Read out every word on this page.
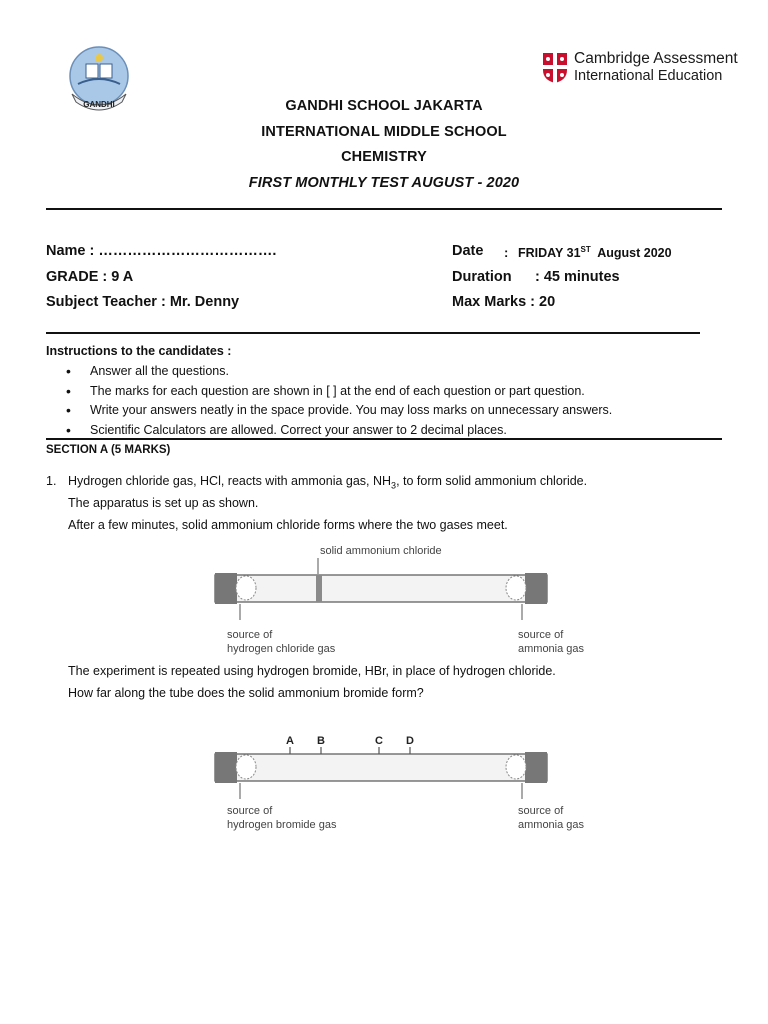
GANDHI
Cambridge Assessment
International Education
GANDHI SCHOOL JAKARTA
INTERNATIONAL MIDDLE SCHOOL
CHEMISTRY
FIRST MONTHLY TEST AUGUST - 2020
Name : ……………………………….
GRADE : 9 A
Subject Teacher : Mr. Denny
Date : FRIDAY 31ST August 2020
Duration : 45 minutes
Max Marks : 20
Instructions to the candidates :
• Answer all the questions.
• The marks for each question are shown in [ ] at the end of each question or part question.
• Write your answers neatly in the space provide. You may loss marks on unnecessary answers.
• Scientific Calculators are allowed. Correct your answer to 2 decimal places.
SECTION A (5 MARKS)
1. Hydrogen chloride gas, HCl, reacts with ammonia gas, $NH_3$, to form solid ammonium chloride.
The apparatus is set up as shown.
After a few minutes, solid ammonium chloride forms where the two gases meet.
solid ammonium chloride
source of
hydrogen chloride gas
source of
ammonia gas
The experiment is repeated using hydrogen bromide, HBr, in place of hydrogen chloride.
How far along the tube does the solid ammonium bromide form?
A B	C D
source of
hydrogen bromide gas
source of
ammonia gas
